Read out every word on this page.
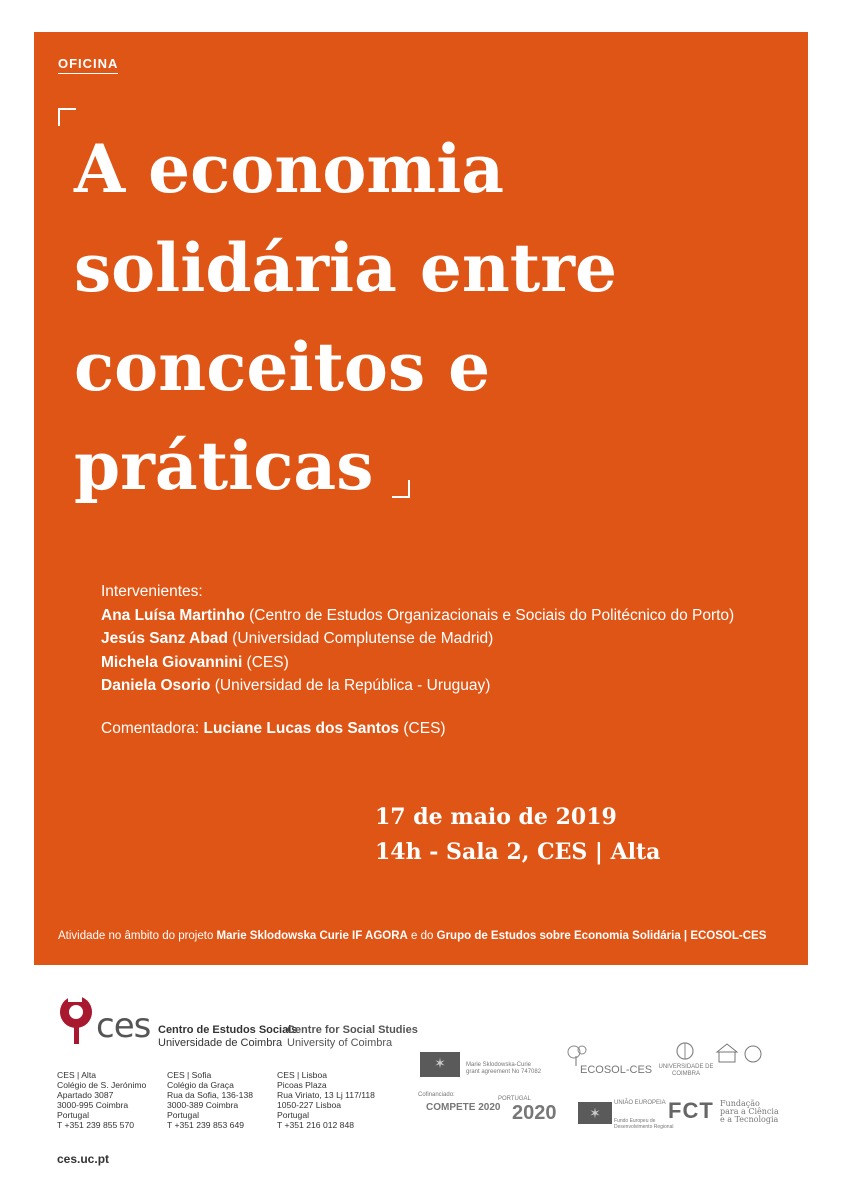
OFICINA
A economia
solidária entre
conceitos e
práticas
Intervenientes:
Ana Luísa Martinho (Centro de Estudos Organizacionais e Sociais do Politécnico do Porto)
Jesús Sanz Abad (Universidad Complutense de Madrid)
Michela Giovannini (CES)
Daniela Osorio (Universidad de la República - Uruguay)
Comentadora: Luciane Lucas dos Santos (CES)
17 de maio de 2019
14h - Sala 2, CES | Alta
Atividade no âmbito do projeto Marie Sklodowska Curie IF AGORA e do Grupo de Estudos sobre Economia Solidária | ECOSOL-CES
ces Centro de Estudos Sociais
Universidade de Coimbra
Centre for Social Studies
University of Coimbra
CES | Alta
Colégio de S. Jerónimo
Apartado 3087
3000-995 Coimbra
Portugal
T +351 239 855 570
CES | Sofia
Colégio da Graça
Rua da Sofia, 136-138
3000-389 Coimbra
Portugal
T +351 239 853 649
CES | Lisboa
Picoas Plaza
Rua Viriato, 13 Lj 117/118
1050-227 Lisboa
Portugal
T +351 216 012 848
ces.uc.pt
✶
Marie Sklodowska-Curie
grant agreement No 747082	ECOSOL-CES	UNIVERSIDADE DE COIMBRA
Cofinanciado:
COMPETE 2020
PORTUGAL
2020
✶	UNIÃO EUROPEIA
Fundo Europeu de Desenvolvimento Regional
FCT Fundação
para a Ciência
e a Tecnologia
